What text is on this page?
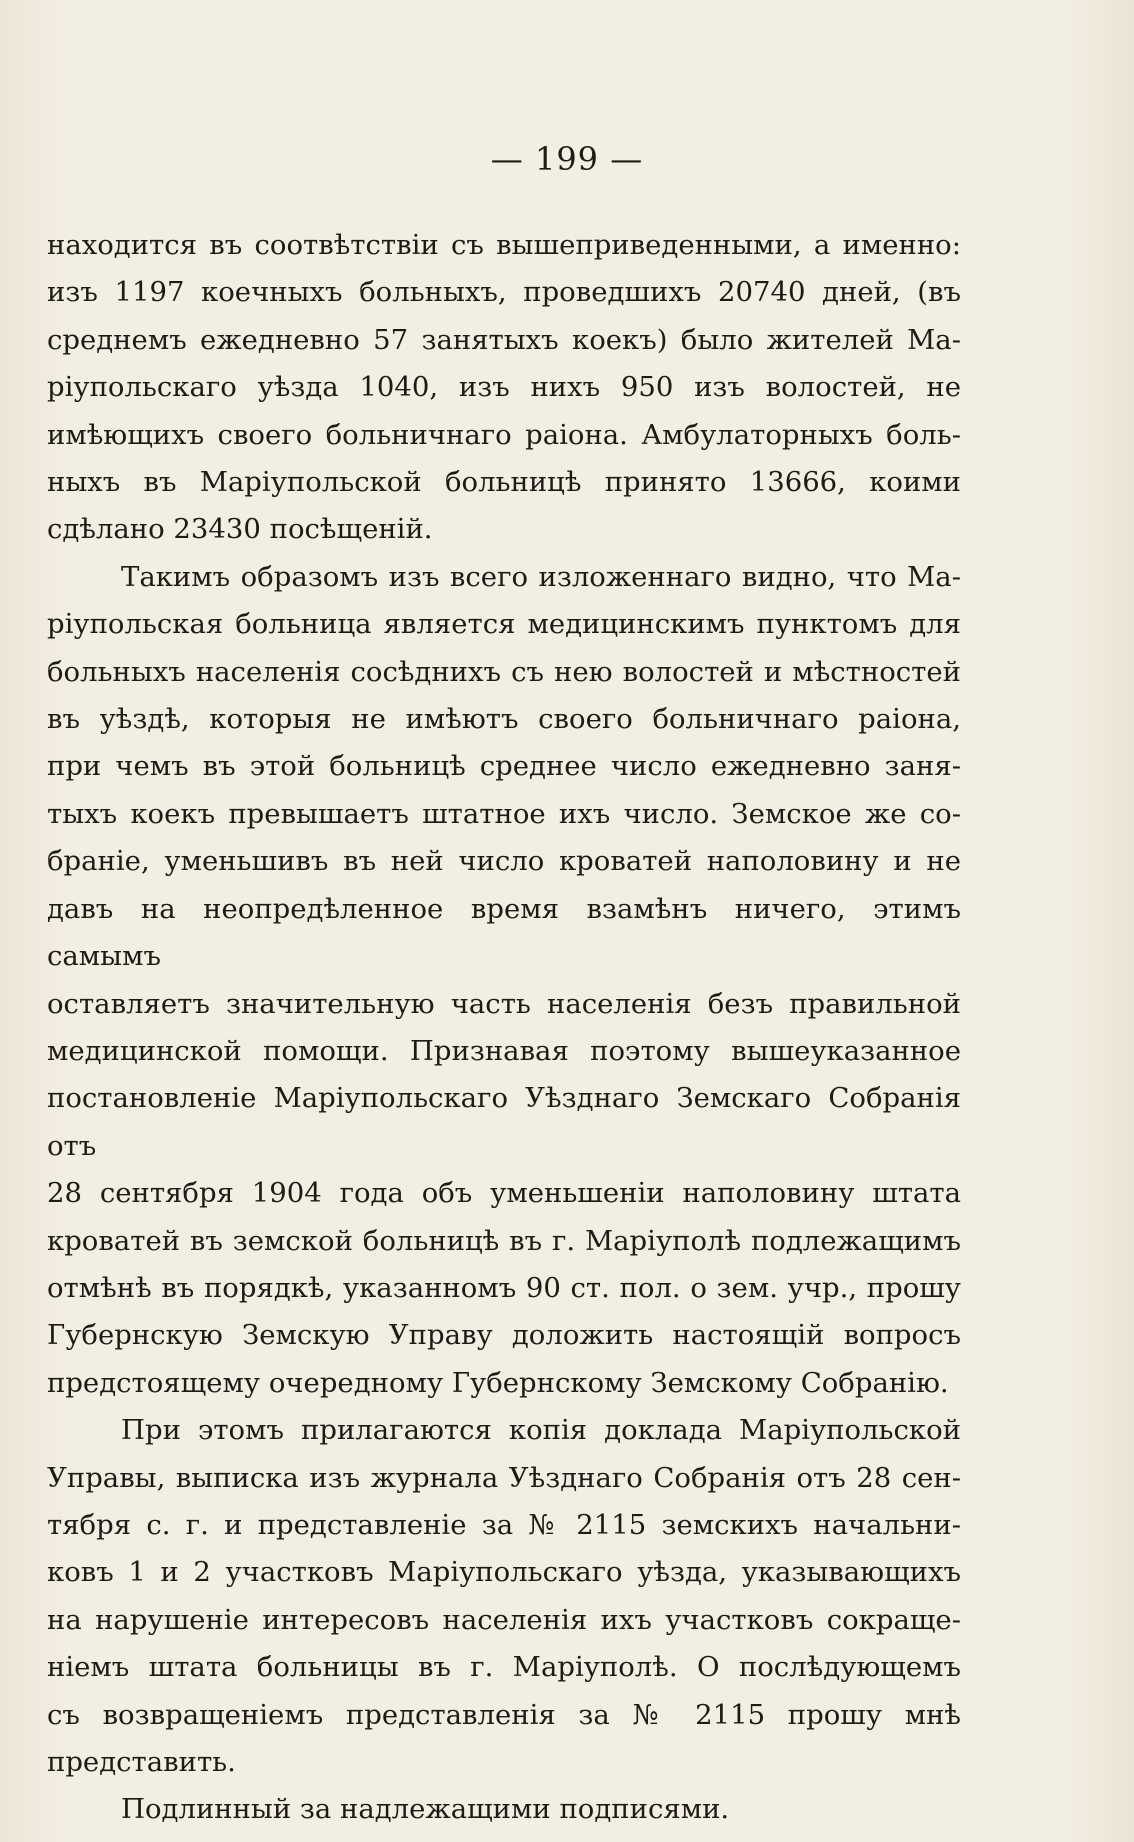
— 199 —

находится въ соотвѣтствіи съ вышеприведенными, а именно:

изъ 1197 коечныхъ больныхъ, проведшихъ 20740 дней, (въ

среднемъ ежедневно 57 занятыхъ коекъ) было жителей Ма-

ріупольскаго уѣзда 1040, изъ нихъ 950 изъ волостей, не

имѣющихъ своего больничнаго раіона. Амбулаторныхъ боль-

ныхъ въ Маріупольской больницѣ принято 13666, коими

сдѣлано 23430 посѣщеній.

Такимъ образомъ изъ всего изложеннаго видно, что Ма-

ріупольская больница является медицинскимъ пунктомъ для

больныхъ населенія сосѣднихъ съ нею волостей и мѣстностей

въ уѣздѣ, которыя не имѣютъ своего больничнаго раіона,

при чемъ въ этой больницѣ среднее число ежедневно заня-

тыхъ коекъ превышаетъ штатное ихъ число. Земское же со-

браніе, уменьшивъ въ ней число кроватей наполовину и не

давъ на неопредѣленное время взамѣнъ ничего, этимъ самымъ

оставляетъ значительную часть населенія безъ правильной

медицинской помощи. Признавая поэтому вышеуказанное

постановленіе Маріупольскаго Уѣзднаго Земскаго Собранія отъ

28 сентября 1904 года объ уменьшеніи наполовину штата

кроватей въ земской больницѣ въ г. Маріуполѣ подлежащимъ

отмѣнѣ въ порядкѣ, указанномъ 90 ст. пол. о зем. учр., прошу

Губернскую Земскую Управу доложить настоящій вопросъ

предстоящему очередному Губернскому Земскому Собранію.

При этомъ прилагаются копія доклада Маріупольской

Управы, выписка изъ журнала Уѣзднаго Собранія отъ 28 сен-

тября с. г. и представленіе за № 2115 земскихъ начальни-

ковъ 1 и 2 участковъ Маріупольскаго уѣзда, указывающихъ

на нарушеніе интересовъ населенія ихъ участковъ сокраще-

ніемъ штата больницы въ г. Маріуполѣ. О послѣдующемъ

съ возвращеніемъ представленія за № 2115 прошу мнѣ

представить.

Подлинный за надлежащими подписями.
